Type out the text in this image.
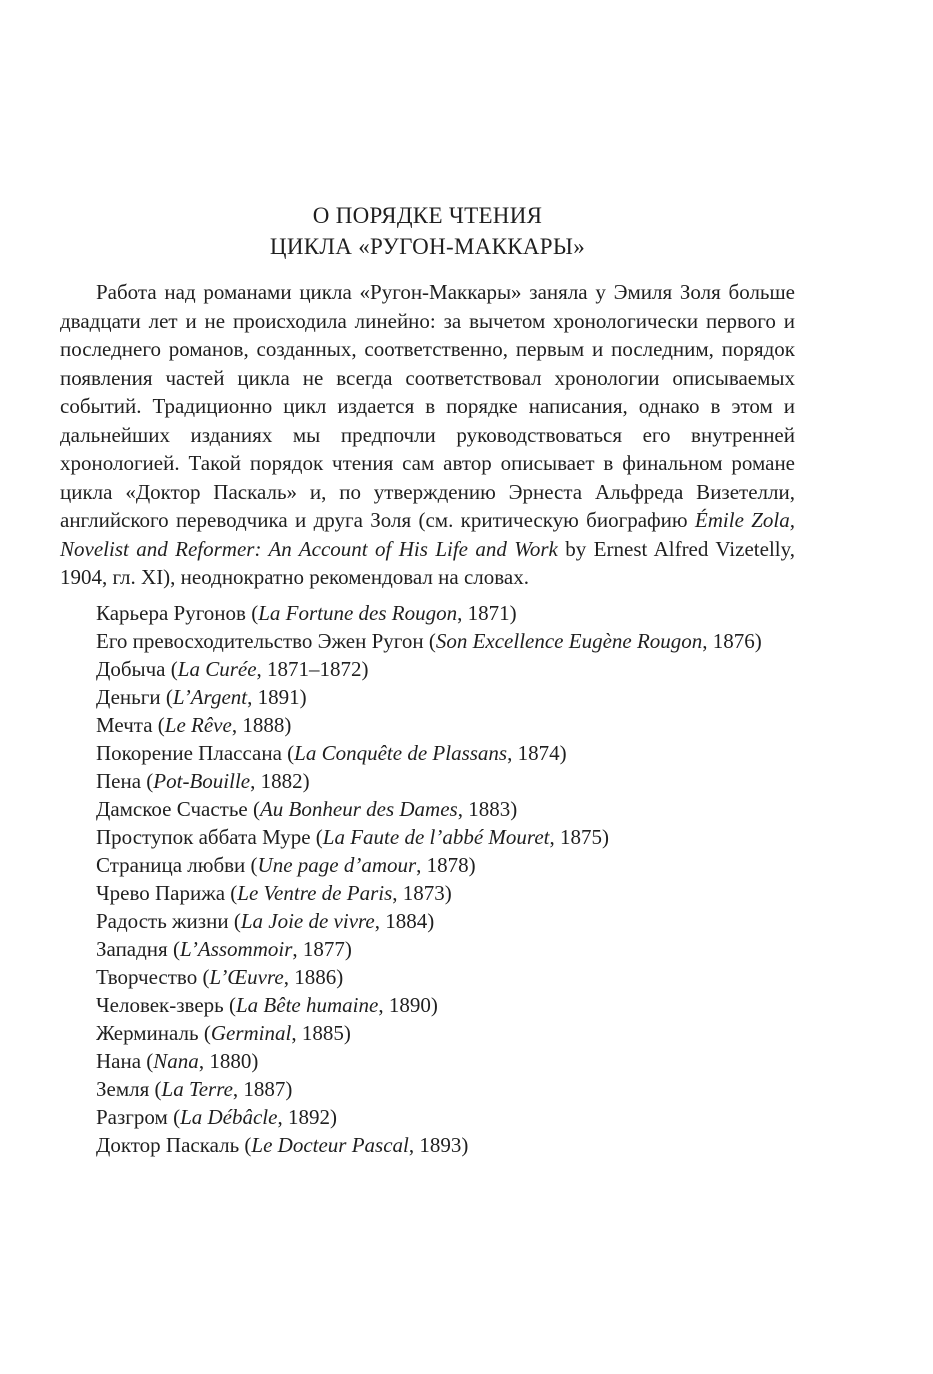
О ПОРЯДКЕ ЧТЕНИЯ
ЦИКЛА «РУГОН-МАККАРЫ»

Работа над романами цикла «Ругон-Маккары» заняла у Эмиля Золя больше двадцати лет и не происходила линейно: за вычетом хронологически первого и последнего романов, созданных, соответственно, первым и последним, порядок появления частей цикла не всегда соответствовал хронологии описываемых событий. Традиционно цикл издается в порядке написания, однако в этом и дальнейших изданиях мы предпочли руководствоваться его внутренней хронологией. Такой порядок чтения сам автор описывает в финальном романе цикла «Доктор Паскаль» и, по утверждению Эрнеста Альфреда Визетелли, английского переводчика и друга Золя (см. критическую биографию Émile Zola, Novelist and Reformer: An Account of His Life and Work by Ernest Alfred Vizetelly, 1904, гл. XI), неоднократно рекомендовал на словах.

Карьера Ругонов (La Fortune des Rougon, 1871)
Его превосходительство Эжен Ругон (Son Excellence Eugène Rougon, 1876)
Добыча (La Curée, 1871–1872)
Деньги (L’Argent, 1891)
Мечта (Le Rêve, 1888)
Покорение Плассана (La Conquête de Plassans, 1874)
Пена (Pot-Bouille, 1882)
Дамское Счастье (Au Bonheur des Dames, 1883)
Проступок аббата Муре (La Faute de l’abbé Mouret, 1875)
Страница любви (Une page d’amour, 1878)
Чрево Парижа (Le Ventre de Paris, 1873)
Радость жизни (La Joie de vivre, 1884)
Западня (L’Assommoir, 1877)
Творчество (L’Œuvre, 1886)
Человек-зверь (La Bête humaine, 1890)
Жерминаль (Germinal, 1885)
Нана (Nana, 1880)
Земля (La Terre, 1887)
Разгром (La Débâcle, 1892)
Доктор Паскаль (Le Docteur Pascal, 1893)
